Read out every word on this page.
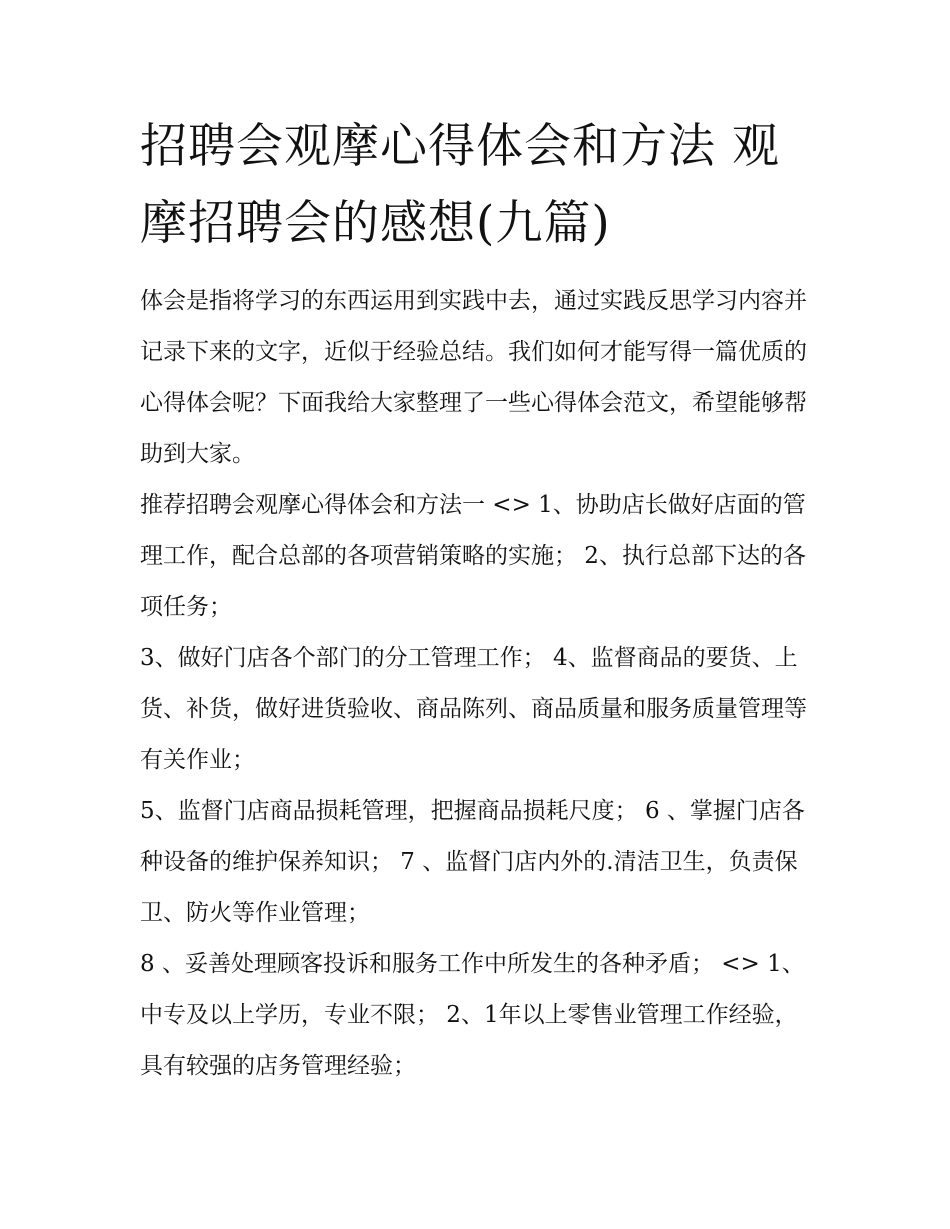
招聘会观摩心得体会和方法 观摩招聘会的感想(九篇)

体会是指将学习的东西运用到实践中去，通过实践反思学习内容并记录下来的文字，近似于经验总结。我们如何才能写得一篇优质的心得体会呢？下面我给大家整理了一些心得体会范文，希望能够帮助到大家。

推荐招聘会观摩心得体会和方法一 <> 1、协助店长做好店面的管理工作，配合总部的各项营销策略的实施； 2、执行总部下达的各项任务；

3、做好门店各个部门的分工管理工作； 4、监督商品的要货、上货、补货，做好进货验收、商品陈列、商品质量和服务质量管理等有关作业；

5、监督门店商品损耗管理，把握商品损耗尺度； 6 、掌握门店各种设备的维护保养知识； 7 、监督门店内外的.清洁卫生，负责保卫、防火等作业管理；

8 、妥善处理顾客投诉和服务工作中所发生的各种矛盾； <> 1、中专及以上学历，专业不限； 2、1年以上零售业管理工作经验，具有较强的店务管理经验；
